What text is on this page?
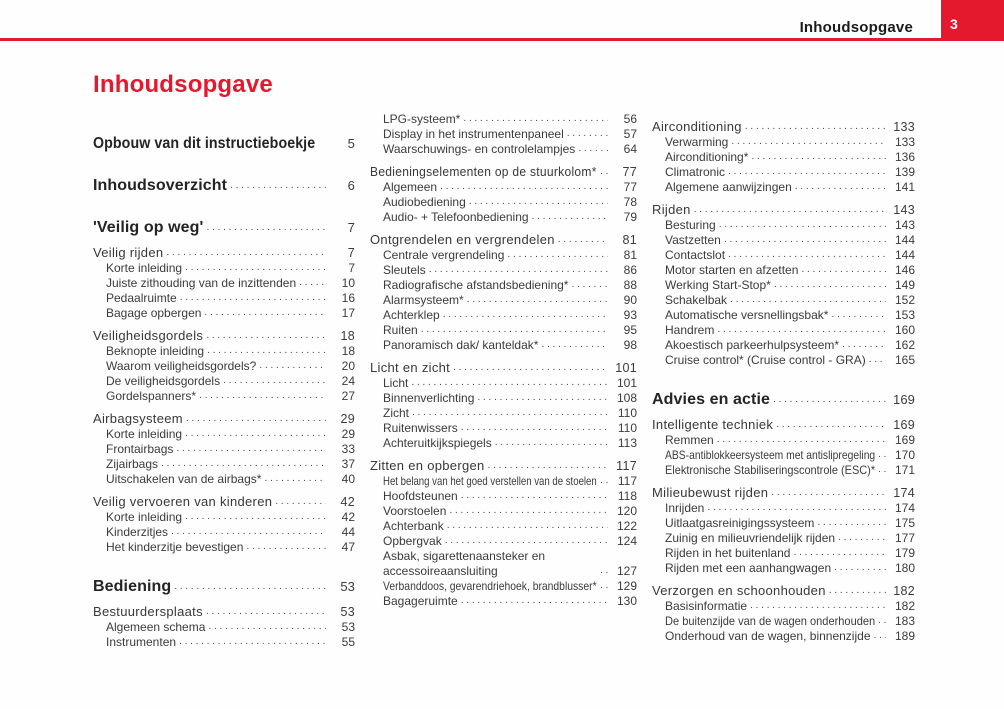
Inhoudsopgave	3
Inhoudsopgave
Opbouw van dit instructieboekje	5
Inhoudsoverzicht .....	6
'Veilig op weg' .....	7
Veilig rijden .....	7
Korte inleiding .....	7
Juiste zithouding van de inzittenden .....	10
Pedaalruimte .....	16
Bagage opbergen .....	17
Veiligheidsgordels .....	18
Beknopte inleiding .....	18
Waarom veiligheidsgordels? .....	20
De veiligheidsgordels .....	24
Gordelspanners* .....	27
Airbagsysteem .....	29
Korte inleiding .....	29
Frontairbags .....	33
Zijairbags .....	37
Uitschakelen van de airbags* .....	40
Veilig vervoeren van kinderen .....	42
Korte inleiding .....	42
Kinderzitjes .....	44
Het kinderzitje bevestigen .....	47
Bediening .....	53
Bestuurdersplaats .....	53
Algemeen schema .....	53
Instrumenten .....	55
LPG-systeem* .....	56
Display in het instrumentenpaneel .....	57
Waarschuwings- en controlelampjes .....	64
Bedieningselementen op de stuurkolom* .....	77
Algemeen .....	77
Audiobediening .....	78
Audio- + Telefoonbediening .....	79
Ontgrendelen en vergrendelen .....	81
Centrale vergrendeling .....	81
Sleutels .....	86
Radiografische afstandsbediening* .....	88
Alarmsysteem* .....	90
Achterklep .....	93
Ruiten .....	95
Panoramisch dak/ kanteldak* .....	98
Licht en zicht .....	101
Licht .....	101
Binnenverlichting .....	108
Zicht .....	110
Ruitenwissers .....	110
Achteruitkijkspiegels .....	113
Zitten en opbergen .....	117
Het belang van het goed verstellen van de stoelen .....	117
Hoofdsteunen .....	118
Voorstoelen .....	120
Achterbank .....	122
Opbergvak .....	124
Asbak, sigarettenaansteker en accessoireaansluiting .....	127
Verbanddoos, gevarendriehoek, brandblusser* .....	129
Bagageruimte .....	130
Airconditioning .....	133
Verwarming .....	133
Airconditioning* .....	136
Climatronic .....	139
Algemene aanwijzingen .....	141
Rijden .....	143
Besturing .....	143
Vastzetten .....	144
Contactslot .....	144
Motor starten en afzetten .....	146
Werking Start-Stop* .....	149
Schakelbak .....	152
Automatische versnellingsbak* .....	153
Handrem .....	160
Akoestisch parkeerhulpsysteem* .....	162
Cruise control* (Cruise control - GRA) .....	165
Advies en actie .....	169
Intelligente techniek .....	169
Remmen .....	169
ABS-antiblokkeersysteem met antislipregeling .....	170
Elektronische Stabiliseringscontrole (ESC)* .....	171
Milieubewust rijden .....	174
Inrijden .....	174
Uitlaatgasreinigingssysteem .....	175
Zuinig en milieuvriendelijk rijden .....	177
Rijden in het buitenland .....	179
Rijden met een aanhangwagen .....	180
Verzorgen en schoonhouden .....	182
Basisinformatie .....	182
De buitenzijde van de wagen onderhouden .....	183
Onderhoud van de wagen, binnenzijde .....	189
